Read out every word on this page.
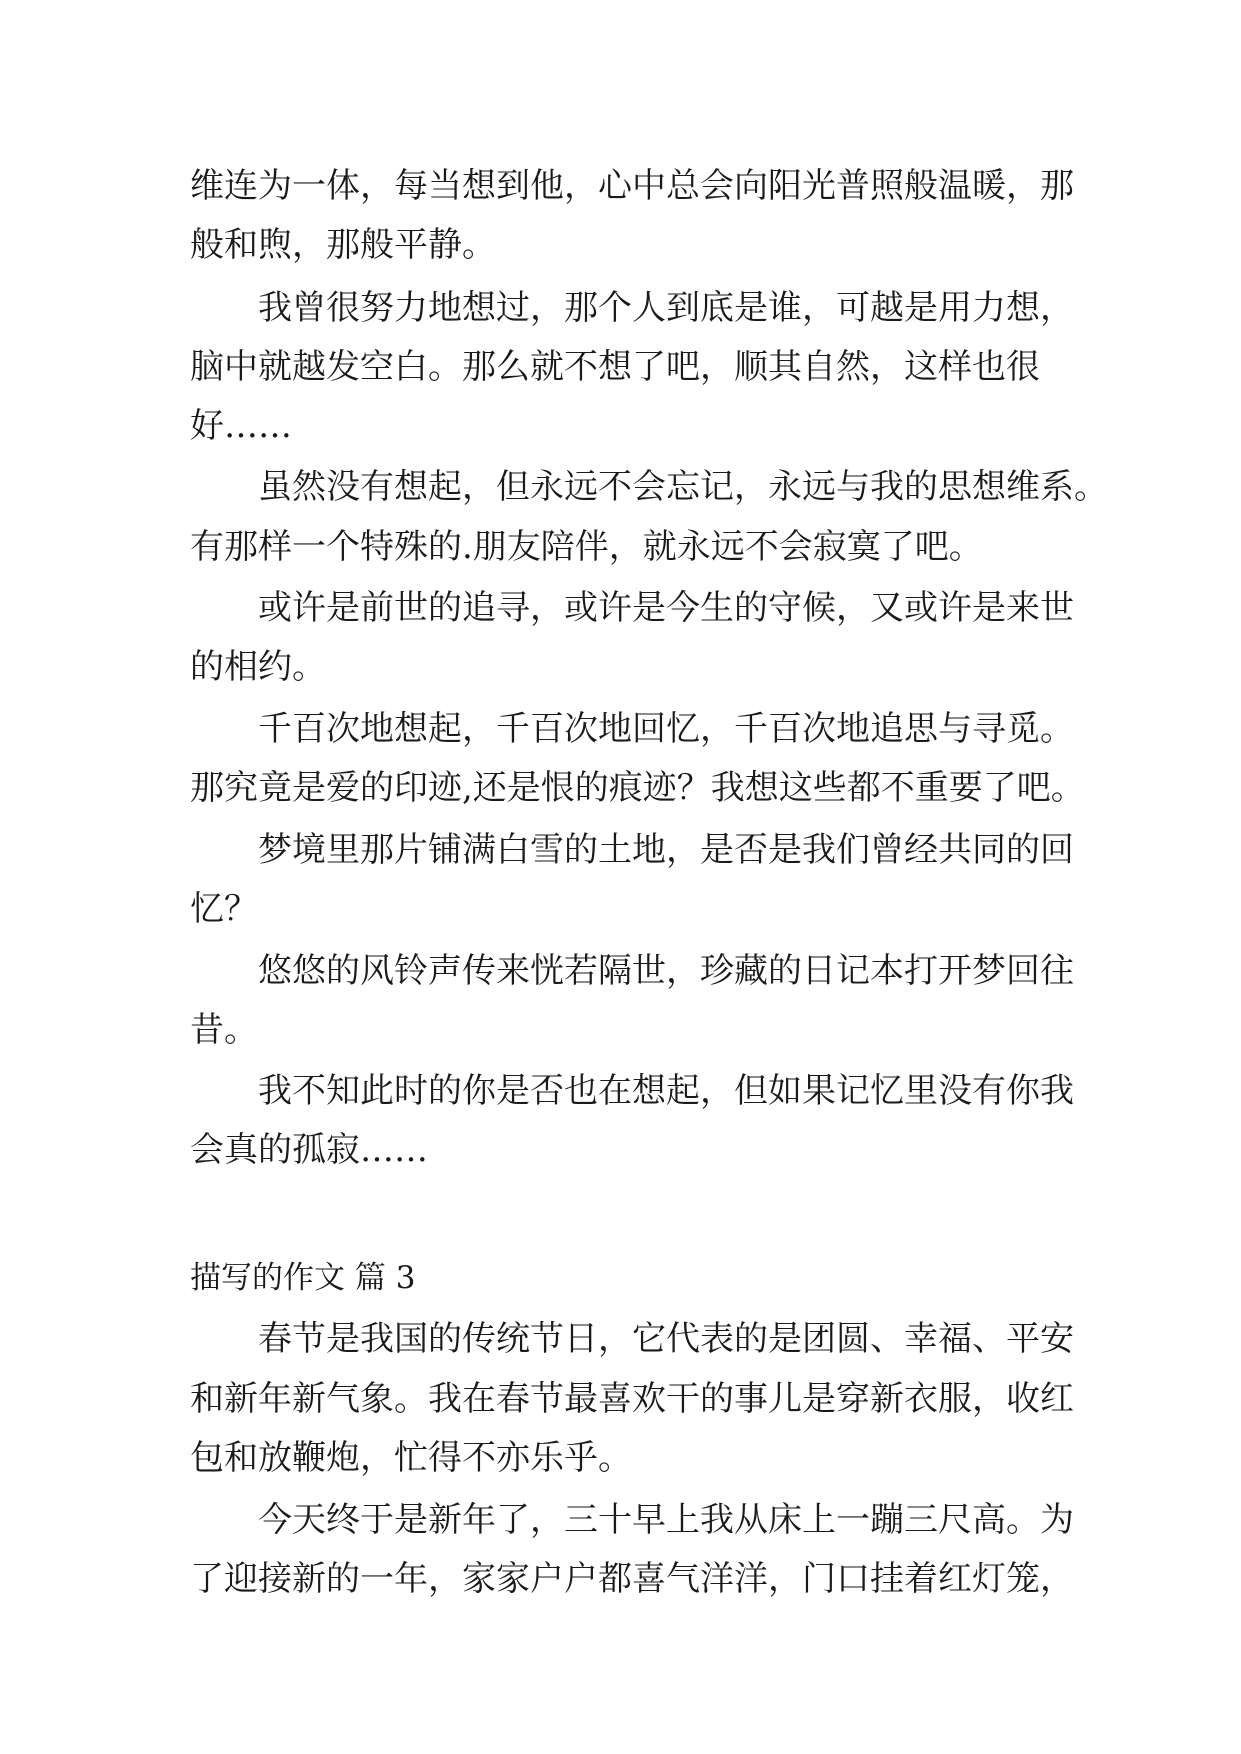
维连为一体，每当想到他，心中总会向阳光普照般温暖，那
般和煦，那般平静。
我曾很努力地想过，那个人到底是谁，可越是用力想，
脑中就越发空白。那么就不想了吧，顺其自然，这样也很
好……
虽然没有想起，但永远不会忘记，永远与我的思想维系。
有那样一个特殊的.朋友陪伴，就永远不会寂寞了吧。
或许是前世的追寻，或许是今生的守候，又或许是来世
的相约。
千百次地想起，千百次地回忆，千百次地追思与寻觅。
那究竟是爱的印迹,还是恨的痕迹？我想这些都不重要了吧。
梦境里那片铺满白雪的土地，是否是我们曾经共同的回
忆？
悠悠的风铃声传来恍若隔世，珍藏的日记本打开梦回往
昔。
我不知此时的你是否也在想起，但如果记忆里没有你我
会真的孤寂……
描写的作文 篇 3
春节是我国的传统节日，它代表的是团圆、幸福、平安
和新年新气象。我在春节最喜欢干的事儿是穿新衣服，收红
包和放鞭炮，忙得不亦乐乎。
今天终于是新年了，三十早上我从床上一蹦三尺高。为
了迎接新的一年，家家户户都喜气洋洋，门口挂着红灯笼，
